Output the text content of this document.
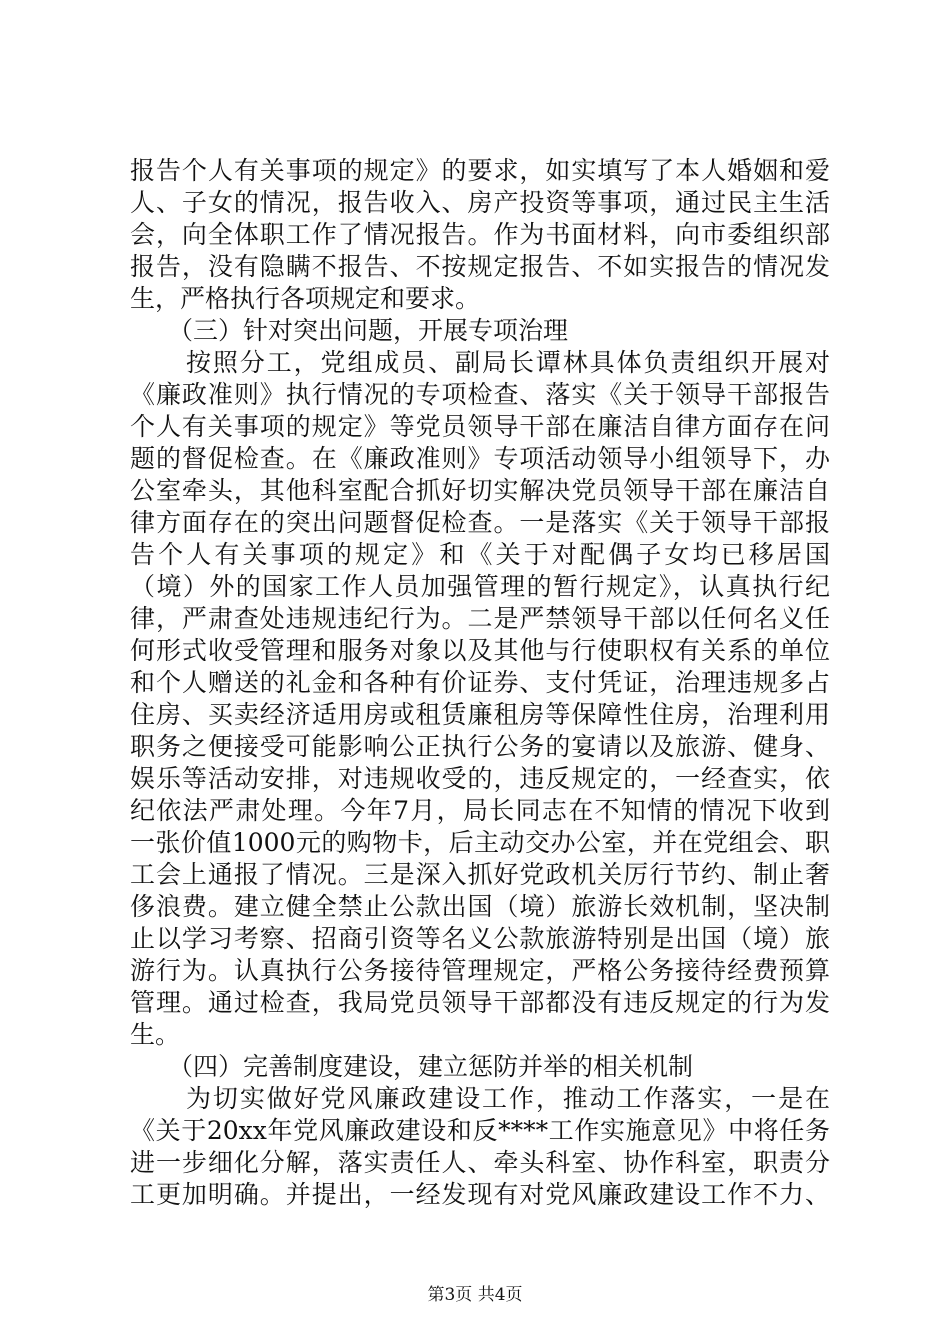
报告个人有关事项的规定》的要求，如实填写了本人婚姻和爱
人、子女的情况，报告收入、房产投资等事项，通过民主生活
会，向全体职工作了情况报告。作为书面材料，向市委组织部
报告，没有隐瞒不报告、不按规定报告、不如实报告的情况发
生，严格执行各项规定和要求。
（三）针对突出问题，开展专项治理
按照分工，党组成员、副局长谭林具体负责组织开展对
《廉政准则》执行情况的专项检查、落实《关于领导干部报告
个人有关事项的规定》等党员领导干部在廉洁自律方面存在问
题的督促检查。在《廉政准则》专项活动领导小组领导下，办
公室牵头，其他科室配合抓好切实解决党员领导干部在廉洁自
律方面存在的突出问题督促检查。一是落实《关于领导干部报
告个人有关事项的规定》和《关于对配偶子女均已移居国
（境）外的国家工作人员加强管理的暂行规定》，认真执行纪
律，严肃查处违规违纪行为。二是严禁领导干部以任何名义任
何形式收受管理和服务对象以及其他与行使职权有关系的单位
和个人赠送的礼金和各种有价证券、支付凭证，治理违规多占
住房、买卖经济适用房或租赁廉租房等保障性住房，治理利用
职务之便接受可能影响公正执行公务的宴请以及旅游、健身、
娱乐等活动安排，对违规收受的，违反规定的，一经查实，依
纪依法严肃处理。今年7月，局长同志在不知情的情况下收到
一张价值1000元的购物卡，后主动交办公室，并在党组会、职
工会上通报了情况。三是深入抓好党政机关厉行节约、制止奢
侈浪费。建立健全禁止公款出国（境）旅游长效机制，坚决制
止以学习考察、招商引资等名义公款旅游特别是出国（境）旅
游行为。认真执行公务接待管理规定，严格公务接待经费预算
管理。通过检查，我局党员领导干部都没有违反规定的行为发
生。
（四）完善制度建设，建立惩防并举的相关机制
为切实做好党风廉政建设工作，推动工作落实，一是在
《关于20xx年党风廉政建设和反****工作实施意见》中将任务
进一步细化分解，落实责任人、牵头科室、协作科室，职责分
工更加明确。并提出，一经发现有对党风廉政建设工作不力、
第3页 共4页
